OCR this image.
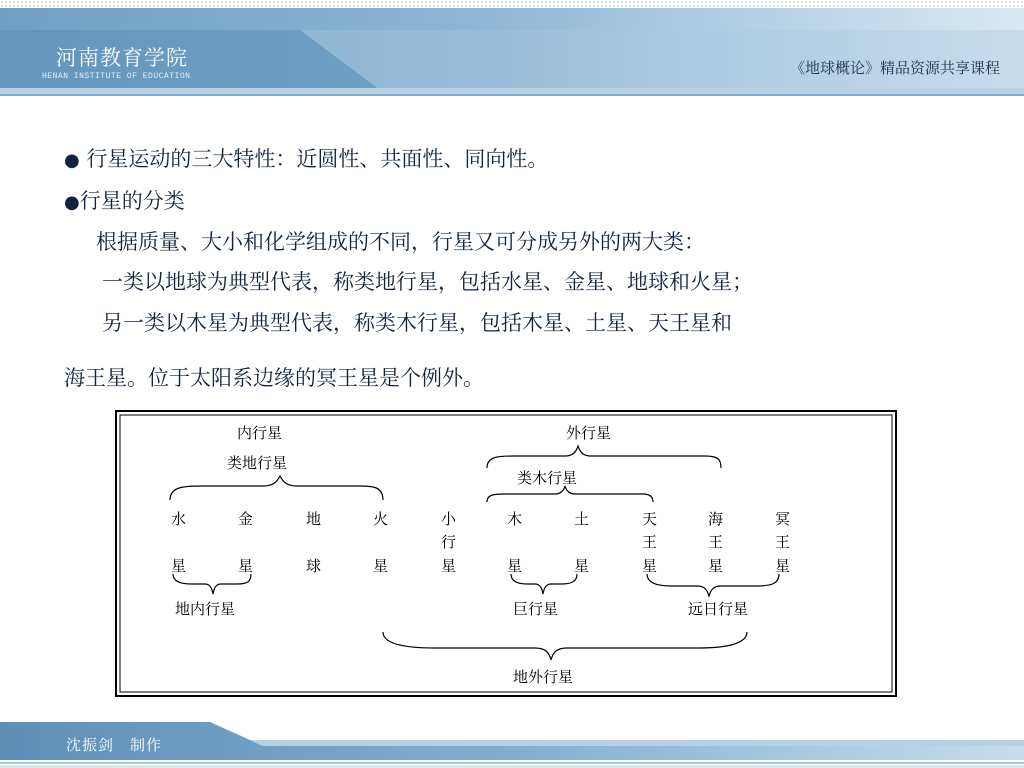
河南教育学院
HENAN INSTITUTE OF EDUCATION	《地球概论》精品资源共享课程
● 行星运动的三大特性：近圆性、共面性、同向性。
●行星的分类
根据质量、大小和化学组成的不同，行星又可分成另外的两大类：
一类以地球为典型代表，称类地行星，包括水星、金星、地球和火星；
另一类以木星为典型代表，称类木行星，包括木星、土星、天王星和
海王星。位于太阳系边缘的冥王星是个例外。
内行星	外行星
类地行星
类木行星
地内行星	巨行星	远日行星
地外行星
水
星
金
星
地
球
火
星
小
行
星
木
星
土
星
天
王
星
海
王
星
冥
王
星
沈振剑　制作
